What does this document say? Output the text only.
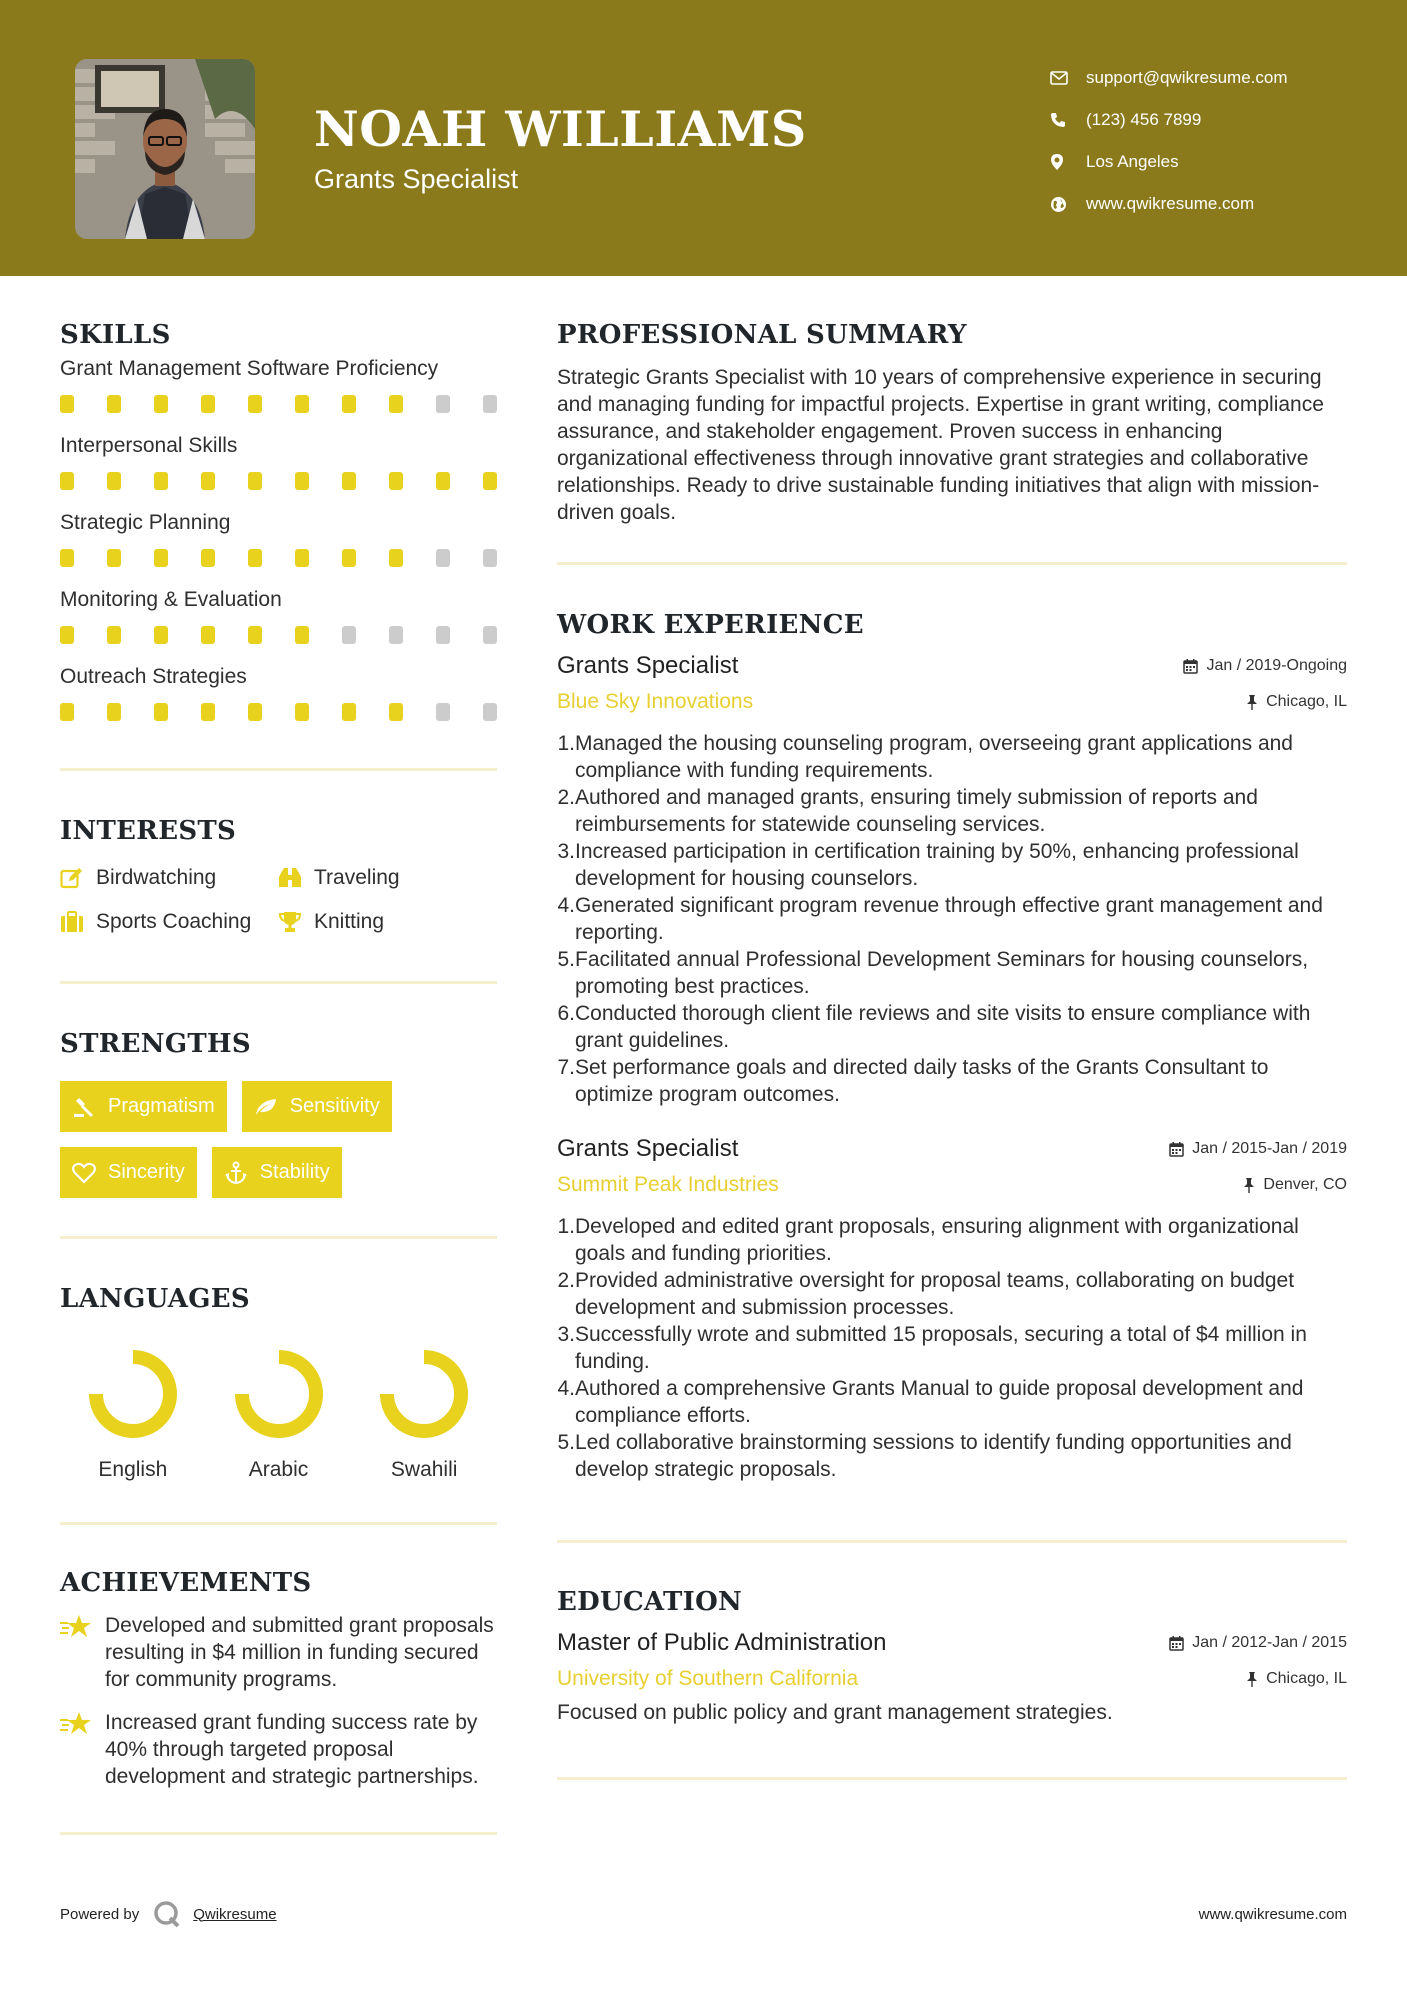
NOAH WILLIAMS
Grants Specialist
support@qwikresume.com
(123) 456 7899
Los Angeles
www.qwikresume.com
SKILLS
Grant Management Software Proficiency
Interpersonal Skills
Strategic Planning
Monitoring & Evaluation
Outreach Strategies
INTERESTS
Birdwatching	Traveling
Sports Coaching	Knitting
STRENGTHS
Pragmatism	Sensitivity
Sincerity	Stability
LANGUAGES
English	Arabic	Swahili
ACHIEVEMENTS
Developed and submitted grant proposals resulting in $4 million in funding secured for community programs.
Increased grant funding success rate by 40% through targeted proposal development and strategic partnerships.
PROFESSIONAL SUMMARY
Strategic Grants Specialist with 10 years of comprehensive experience in securing and managing funding for impactful projects. Expertise in grant writing, compliance assurance, and stakeholder engagement. Proven success in enhancing organizational effectiveness through innovative grant strategies and collaborative relationships. Ready to drive sustainable funding initiatives that align with mission-driven goals.
WORK EXPERIENCE
Grants Specialist	Jan / 2019-Ongoing
Blue Sky Innovations	Chicago, IL
1. Managed the housing counseling program, overseeing grant applications and compliance with funding requirements.
2. Authored and managed grants, ensuring timely submission of reports and reimbursements for statewide counseling services.
3. Increased participation in certification training by 50%, enhancing professional development for housing counselors.
4. Generated significant program revenue through effective grant management and reporting.
5. Facilitated annual Professional Development Seminars for housing counselors, promoting best practices.
6. Conducted thorough client file reviews and site visits to ensure compliance with grant guidelines.
7. Set performance goals and directed daily tasks of the Grants Consultant to optimize program outcomes.
Grants Specialist	Jan / 2015-Jan / 2019
Summit Peak Industries	Denver, CO
1. Developed and edited grant proposals, ensuring alignment with organizational goals and funding priorities.
2. Provided administrative oversight for proposal teams, collaborating on budget development and submission processes.
3. Successfully wrote and submitted 15 proposals, securing a total of $4 million in funding.
4. Authored a comprehensive Grants Manual to guide proposal development and compliance efforts.
5. Led collaborative brainstorming sessions to identify funding opportunities and develop strategic proposals.
EDUCATION
Master of Public Administration	Jan / 2012-Jan / 2015
University of Southern California	Chicago, IL
Focused on public policy and grant management strategies.
Powered by	Qwikresume	www.qwikresume.com
